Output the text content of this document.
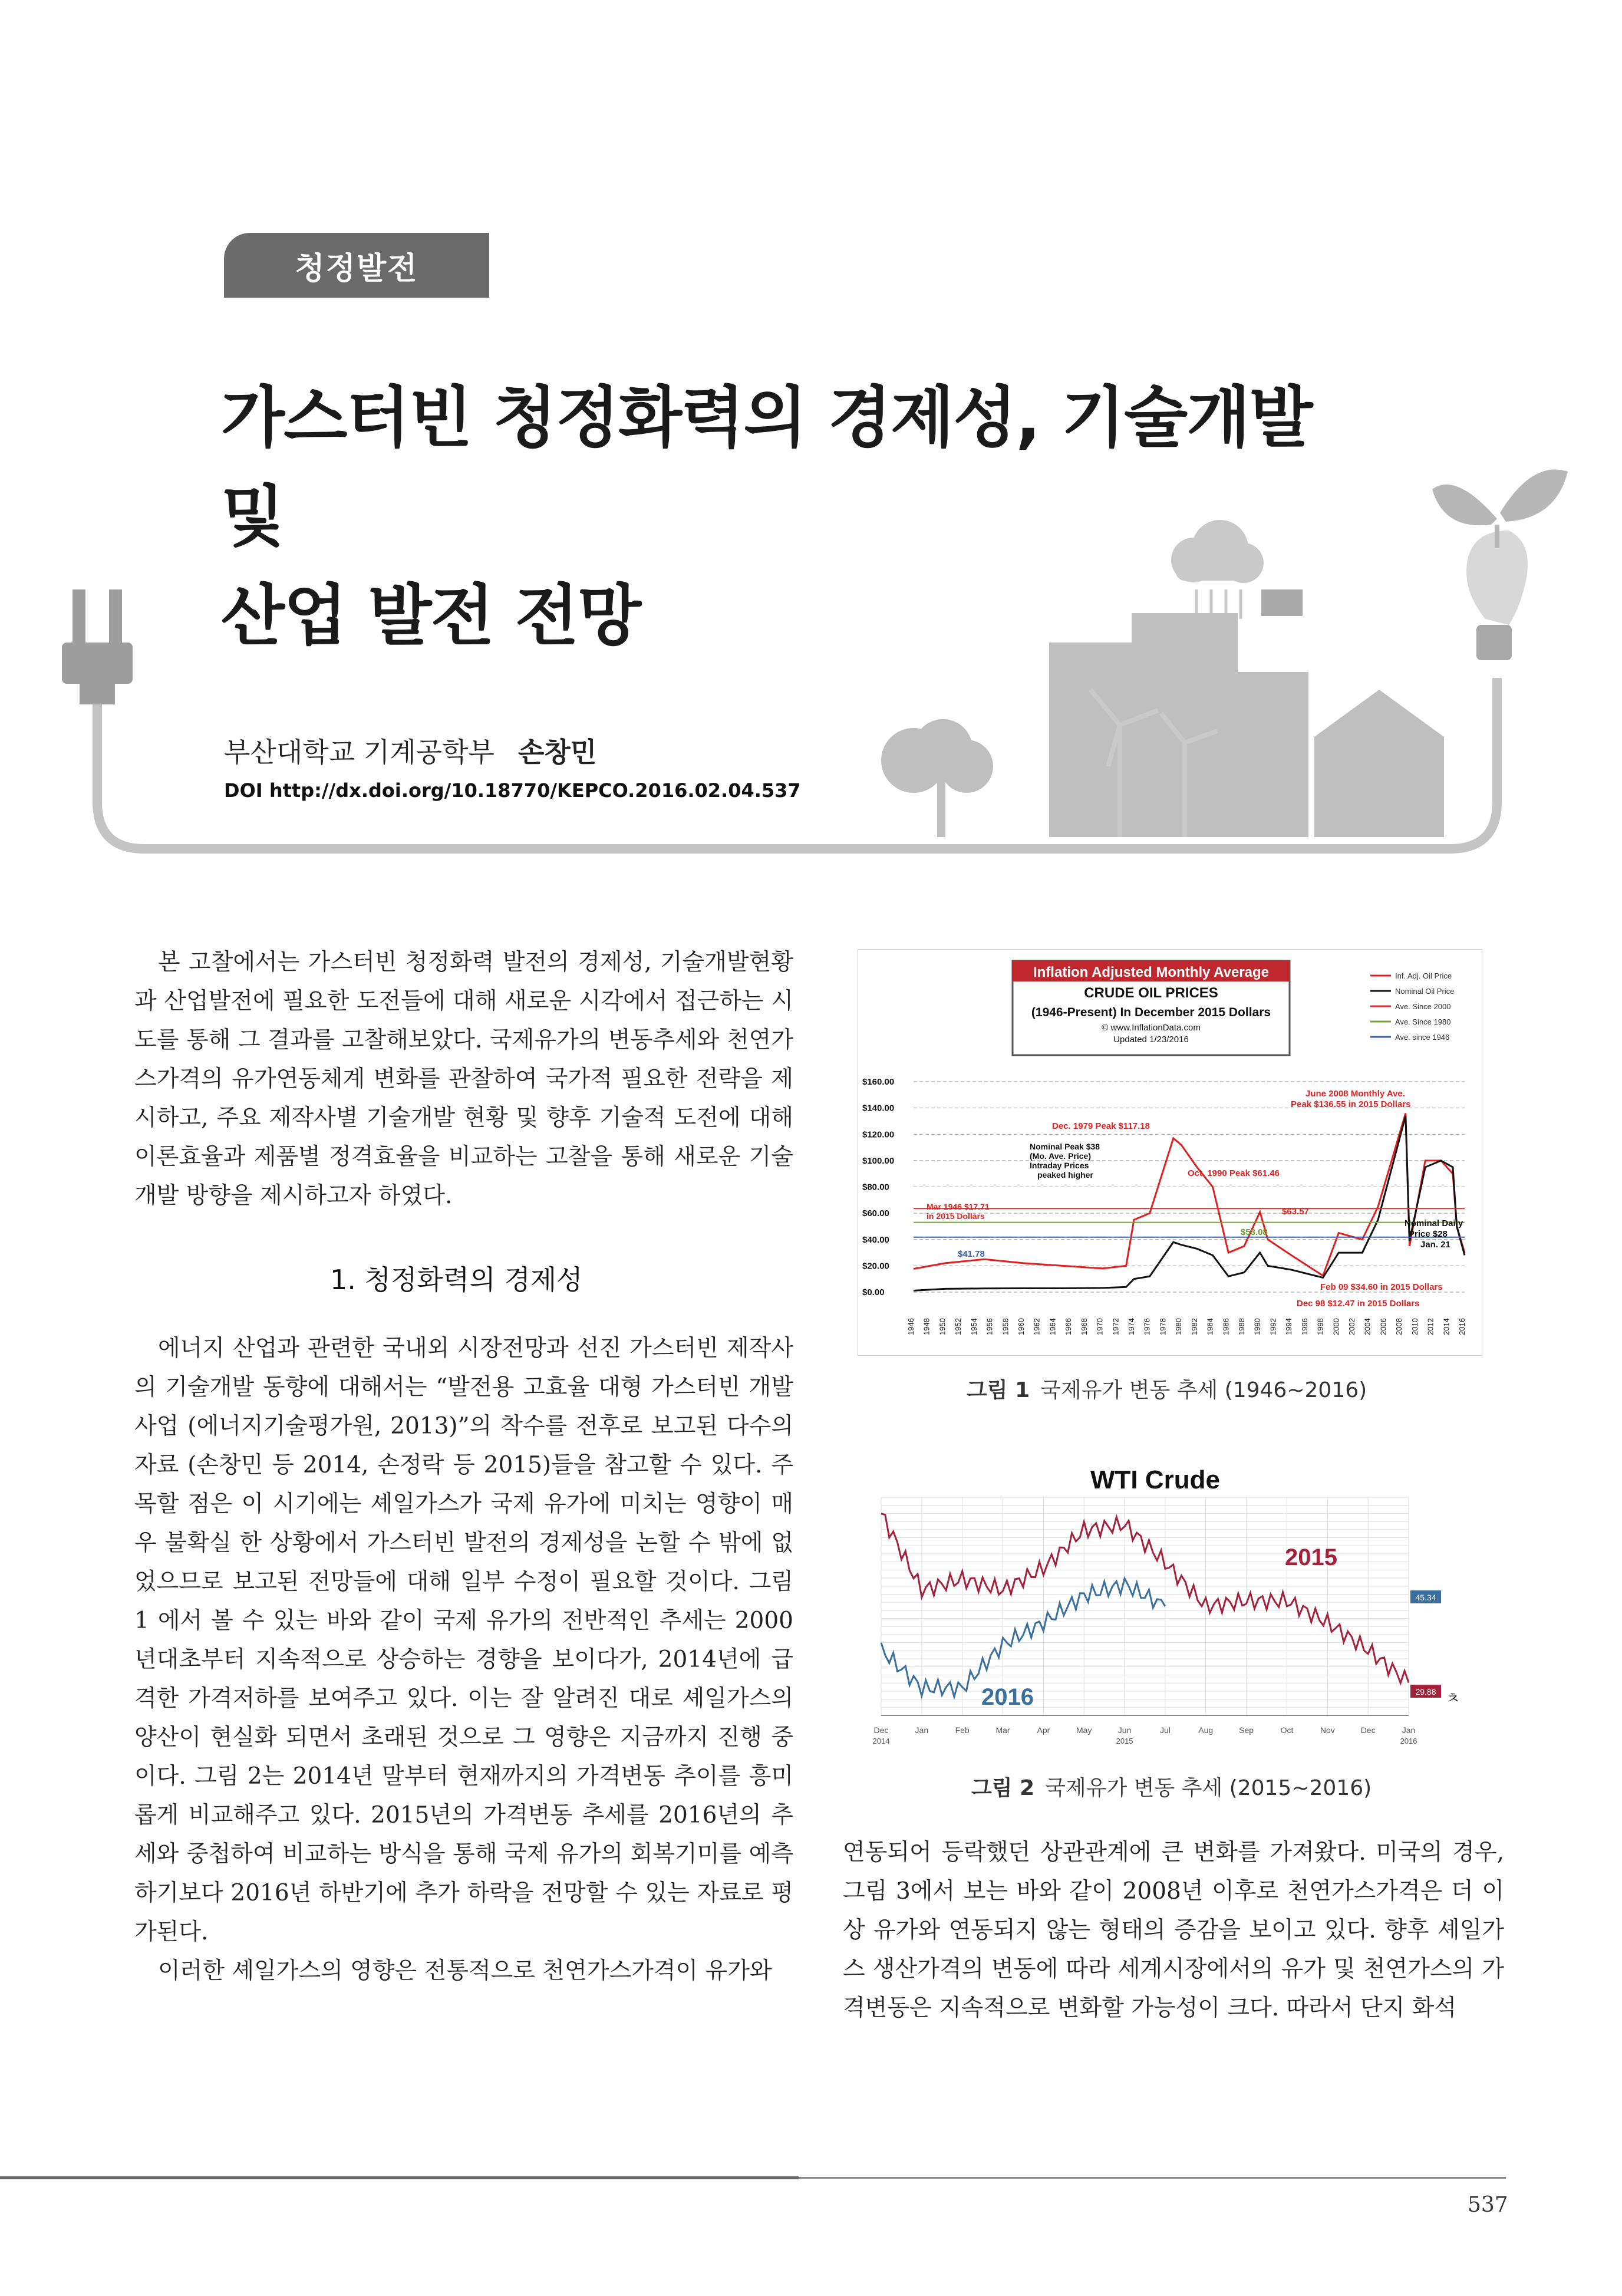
청정발전
가스터빈 청정화력의 경제성, 기술개발 및
산업 발전 전망
부산대학교 기계공학부 손창민
DOI http://dx.doi.org/10.18770/KEPCO.2016.02.04.537

본 고찰에서는 가스터빈 청정화력 발전의 경제성, 기술개발현황과 산업발전에 필요한 도전들에 대해 새로운 시각에서 접근하는 시도를 통해 그 결과를 고찰해보았다. 국제유가의 변동추세와 천연가스가격의 유가연동체계 변화를 관찰하여 국가적 필요한 전략을 제시하고, 주요 제작사별 기술개발 현황 및 향후 기술적 도전에 대해 이론효율과 제품별 정격효율을 비교하는 고찰을 통해 새로운 기술개발 방향을 제시하고자 하였다.

1. 청정화력의 경제성

에너지 산업과 관련한 국내외 시장전망과 선진 가스터빈 제작사의 기술개발 동향에 대해서는 “발전용 고효율 대형 가스터빈 개발사업 (에너지기술평가원, 2013)”의 착수를 전후로 보고된 다수의 자료 (손창민 등 2014, 손정락 등 2015)들을 참고할 수 있다. 주목할 점은 이 시기에는 셰일가스가 국제 유가에 미치는 영향이 매우 불확실 한 상황에서 가스터빈 발전의 경제성을 논할 수 밖에 없었으므로 보고된 전망들에 대해 일부 수정이 필요할 것이다. 그림 1 에서 볼 수 있는 바와 같이 국제 유가의 전반적인 추세는 2000년대초부터 지속적으로 상승하는 경향을 보이다가, 2014년에 급격한 가격저하를 보여주고 있다. 이는 잘 알려진 대로 셰일가스의 양산이 현실화 되면서 초래된 것으로 그 영향은 지금까지 진행 중이다. 그림 2는 2014년 말부터 현재까지의 가격변동 추이를 흥미롭게 비교해주고 있다. 2015년의 가격변동 추세를 2016년의 추세와 중첩하여 비교하는 방식을 통해 국제 유가의 회복기미를 예측하기보다 2016년 하반기에 추가 하락을 전망할 수 있는 자료로 평가된다.

이러한 셰일가스의 영향은 전통적으로 천연가스가격이 유가와

Inflation Adjusted Monthly Average
CRUDE OIL PRICES
(1946-Present) In December 2015 Dollars
© www.InflationData.com
Updated 1/23/2016
Inf. Adj. Oil Price
Nominal Oil Price
Ave. Since 2000
Ave. Since 1980
Ave. since 1946
$0.00
$20.00
$40.00
$60.00
$80.00
$100.00
$120.00
$140.00
$160.00
1946 1948 1950 1952 1954 1956 1958 1960 1962 1964 1966 1968 1970 1972 1974 1976 1978 1980 1982 1984 1986 1988 1990 1992 1994 1996 1998 2000 2002 2004 2006 2008 2010 2012 2014 2016
June 2008 Monthly Ave.
Peak $136.55 in 2015 Dollars
Dec. 1979 Peak $117.18
Nominal Peak $38
(Mo. Ave. Price)
Intraday Prices
peaked higher	Oct. 1990 Peak $61.46
Mar 1946 $17.71
in 2015 Dollars	$63.57
$53.08
$41.78
Nominal Daily
Price $28
Jan. 21
Feb 09 $34.60 in 2015 Dollars
Dec 98 $12.47 in 2015 Dollars
그림 1 국제유가 변동 추세 (1946~2016)
WTI Crude
2015
2016
45.34
29.88 ㅊ
Dec	Jan	Feb	Mar	Apr	May	Jun	Jul	Aug	Sep	Oct	Nov	Dec	Jan
2014	2015	2016
그림 2 국제유가 변동 추세 (2015~2016)

연동되어 등락했던 상관관계에 큰 변화를 가져왔다. 미국의 경우, 그림 3에서 보는 바와 같이 2008년 이후로 천연가스가격은 더 이상 유가와 연동되지 않는 형태의 증감을 보이고 있다. 향후 셰일가스 생산가격의 변동에 따라 세계시장에서의 유가 및 천연가스의 가격변동은 지속적으로 변화할 가능성이 크다. 따라서 단지 화석

537
